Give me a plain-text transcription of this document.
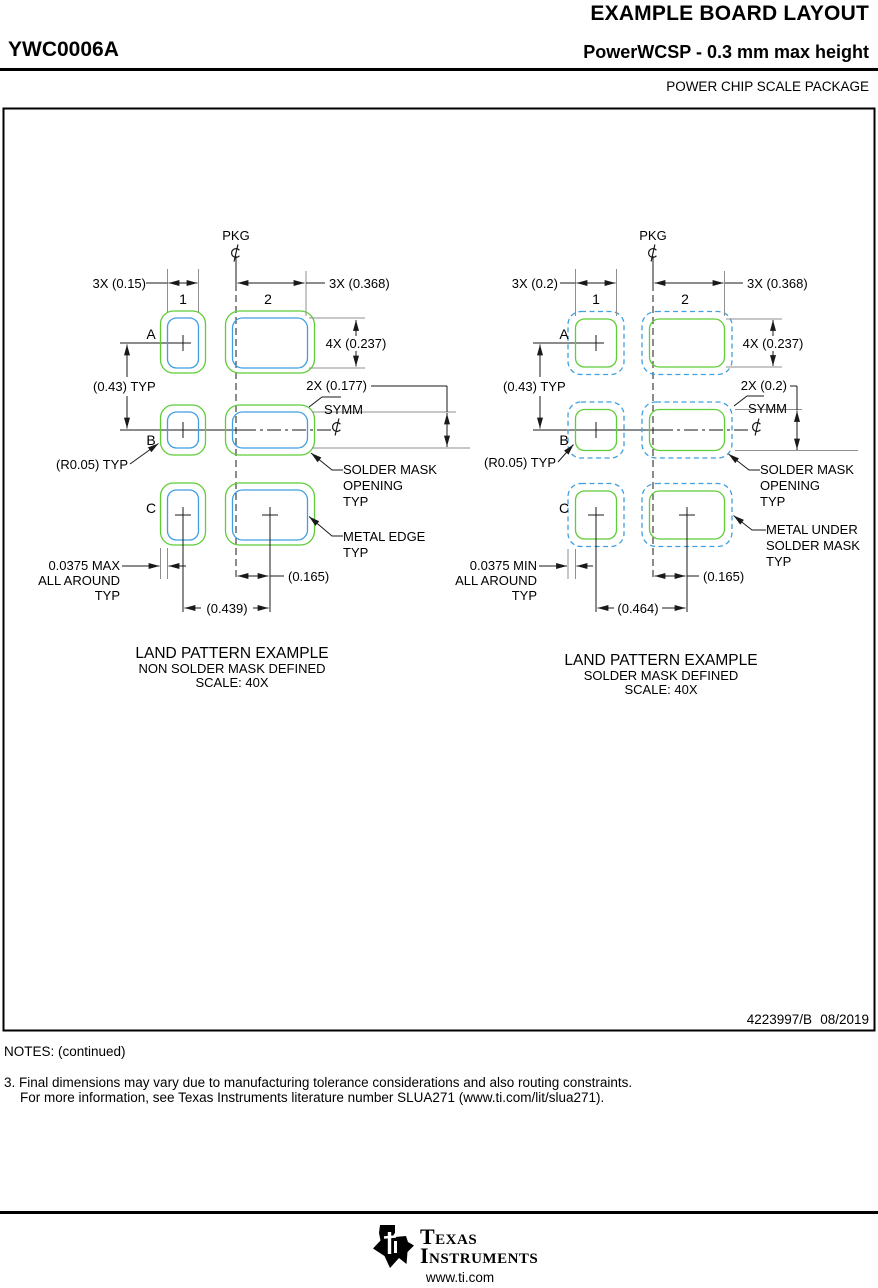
EXAMPLE BOARD LAYOUT
YWC0006A	PowerWCSP - 0.3 mm max height
POWER CHIP SCALE PACKAGE
PKG
3X (0.15)	3X (0.368)
1	2
A
B
C
4X (0.237)
(0.43) TYP	2X (0.177)
SYMM
(R0.05) TYP	SOLDER MASK
OPENING
TYP
METAL EDGE
TYP
0.0375 MAX
ALL AROUND
TYP
(0.165)
(0.439)
LAND PATTERN EXAMPLE
NON SOLDER MASK DEFINED
SCALE: 40X
PKG
3X (0.2)	3X (0.368)
1	2
A
B
C
4X (0.237)
(0.43) TYP	2X (0.2)
SYMM
(R0.05) TYP	SOLDER MASK
OPENING
TYP
METAL UNDER
SOLDER MASK
TYP
0.0375 MIN
ALL AROUND
TYP
(0.165)
(0.464)
LAND PATTERN EXAMPLE
SOLDER MASK DEFINED
SCALE: 40X
4223997/B 08/2019
NOTES: (continued)
3. Final dimensions may vary due to manufacturing tolerance considerations and also routing constraints.
For more information, see Texas Instruments literature number SLUA271 (www.ti.com/lit/slua271).
Texas
Instruments
www.ti.com
